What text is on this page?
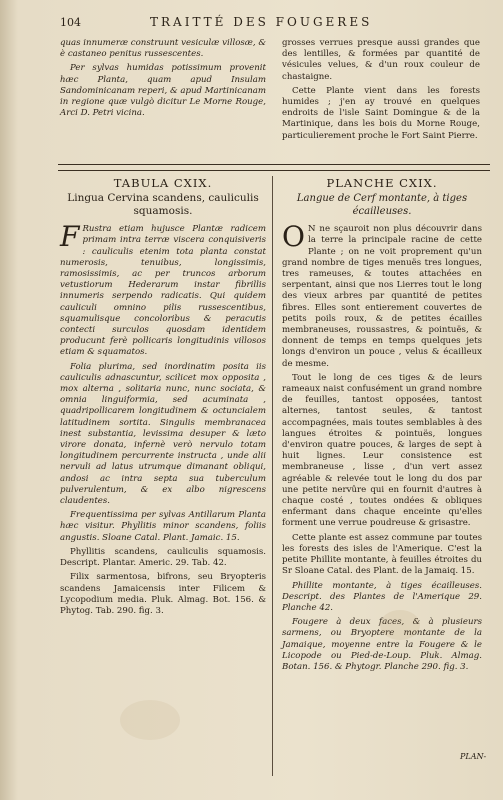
104	TRAITTÉ DES FOUGERES

quas innumeræ construunt vesiculæ villosæ, & è castaneo penitus russescentes.

Per sylvas humidas potissimum provenit hæc Planta, quam apud Insulam Sandominicanam reperi, & apud Martinicanam in regione quæ vulgò dicitur Le Morne Rouge, Arci D. Petri vicina.

grosses verrues presque aussi grandes que des lentilles, & formées par quantité de vésicules velues, & d'un roux couleur de chastaigne.

Cette Plante vient dans les forests humides ; j'en ay trouvé en quelques endroits de l'isle Saint Domingue & de la Martinique, dans les bois du Morne Rouge, particulierement proche le Fort Saint Pierre.

TABULA CXIX.
Lingua Cervina scandens, cauliculis squamosis.

F Rustra etiam hujusce Plantæ radicem primam intra terræ viscera conquisiveris : cauliculis etenim tota planta constat numerosis, tenuibus, longissimis, ramosissimis, ac per truncos arborum vetustiorum Hederarum instar fibrillis innumeris serpendo radicatis. Qui quidem cauliculi omnino pilis russescentibus, squamulisque concoloribus & peracutis contecti surculos quosdam identidem producunt ferè pollicaris longitudinis villosos etiam & squamatos.

Folia plurima, sed inordinatim posita iis cauliculis adnascuntur, scilicet mox opposita , mox alterna , solitaria nunc, nunc sociata, & omnia linguiformia, sed acuminata , quadripollicarem longitudinem & octuncialem latitudinem sortita. Singulis membranacea inest substantia, levissima desuper & læto virore donata, infernè verò nervulo totam longitudinem percurrente instructa , unde alii nervuli ad latus utrumque dimanant obliqui, andosi ac intra septa sua tuberculum pulverulentum, & ex albo nigrescens claudentes.

Frequentissima per sylvas Antillarum Planta hæc visitur. Phyllitis minor scandens, foliis angustis. Sloane Catal. Plant. Jamaic. 15.

Phyllitis scandens, cauliculis squamosis. Descript. Plantar. Americ. 29. Tab. 42.

Filix sarmentosa, bifrons, seu Bryopteris scandens Jamaicensis inter Filicem & Lycopodium media. Pluk. Almag. Bot. 156. & Phytog. Tab. 290. fig. 3.

PLANCHE CXIX.
Langue de Cerf montante, à tiges écailleuses.

O N ne sçauroit non plus découvrir dans la terre la principale racine de cette Plante ; on ne voit proprement qu'un grand nombre de tiges menuës tres longues, tres rameuses, & toutes attachées en serpentant, ainsi que nos Lierres tout le long des vieux arbres par quantité de petites fibres. Elles sont entierement couvertes de petits poils roux, & de petites écailles membraneuses, roussastres, & pointuës, & donnent de temps en temps quelques jets longs d'environ un pouce , velus & écailleux de mesme.

Tout le long de ces tiges & de leurs rameaux naist confusément un grand nombre de feuilles, tantost opposées, tantost alternes, tantost seules, & tantost accompagnées, mais toutes semblables à des langues étroites & pointuës, longues d'environ quatre pouces, & larges de sept à huit lignes. Leur consistence est membraneuse , lisse , d'un vert assez agréable & relevée tout le long du dos par une petite nervûre qui en fournit d'autres à chaque costé , toutes ondées & obliques enfermant dans chaque enceinte qu'elles forment une verrue poudreuse & grisastre.

Cette plante est assez commune par toutes les forests des isles de l'Amerique. C'est la petite Phillite montante, à feuilles étroites du Sr Sloane Catal. des Plant. de la Jamaiq. 15.

Phillite montante, à tiges écailleuses. Descript. des Plantes de l'Amerique 29. Planche 42.

Fougere à deux faces, & à plusieurs sarmens, ou Bryoptere montante de la Jamaique, moyenne entre la Fougere & le Licopode ou Pied-de-Loup. Pluk. Almag. Botan. 156. & Phytogr. Planche 290. fig. 3.

PLAN-
